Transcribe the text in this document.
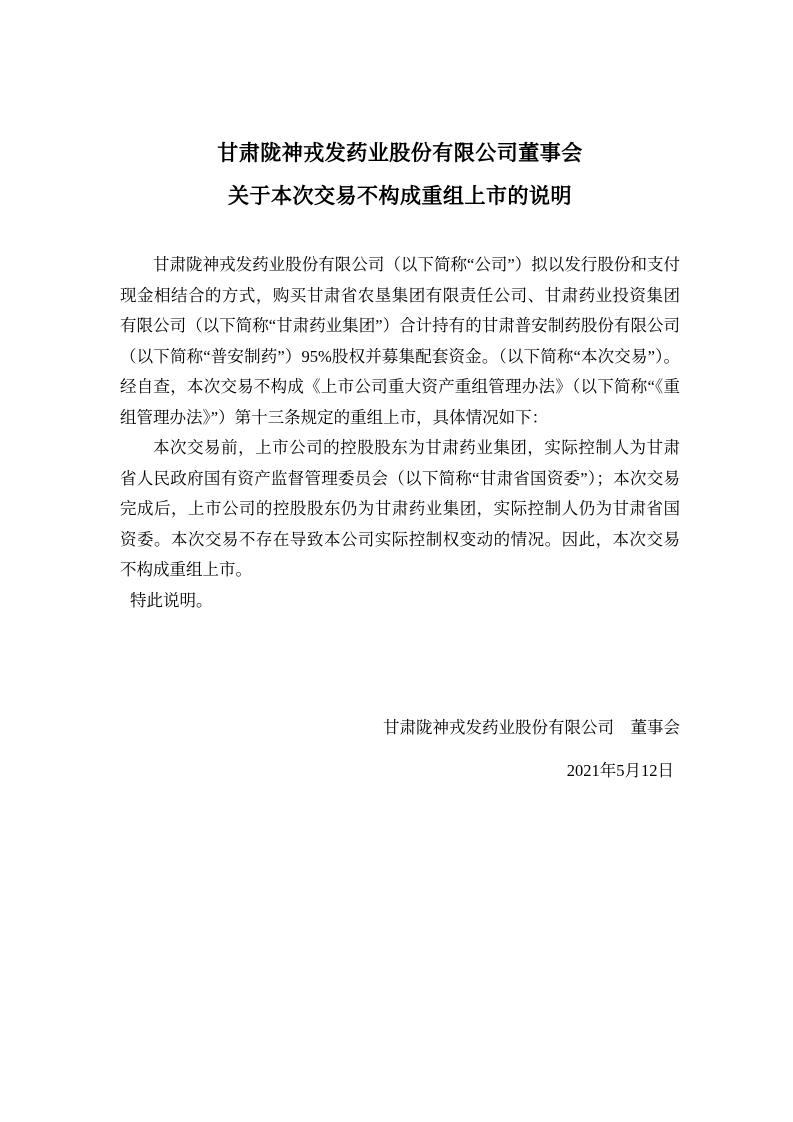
甘肃陇神戎发药业股份有限公司董事会
关于本次交易不构成重组上市的说明

甘肃陇神戎发药业股份有限公司（以下简称“公司”）拟以发行股份和支付现金相结合的方式，购买甘肃省农垦集团有限责任公司、甘肃药业投资集团有限公司（以下简称“甘肃药业集团”）合计持有的甘肃普安制药股份有限公司（以下简称“普安制药”）95%股权并募集配套资金。（以下简称“本次交易”）。经自查，本次交易不构成《上市公司重大资产重组管理办法》（以下简称“《重组管理办法》”）第十三条规定的重组上市，具体情况如下：

本次交易前，上市公司的控股股东为甘肃药业集团，实际控制人为甘肃省人民政府国有资产监督管理委员会（以下简称“甘肃省国资委”）；本次交易完成后，上市公司的控股股东仍为甘肃药业集团，实际控制人仍为甘肃省国资委。本次交易不存在导致本公司实际控制权变动的情况。因此，本次交易不构成重组上市。

特此说明。

甘肃陇神戎发药业股份有限公司　董事会
2021年5月12日
